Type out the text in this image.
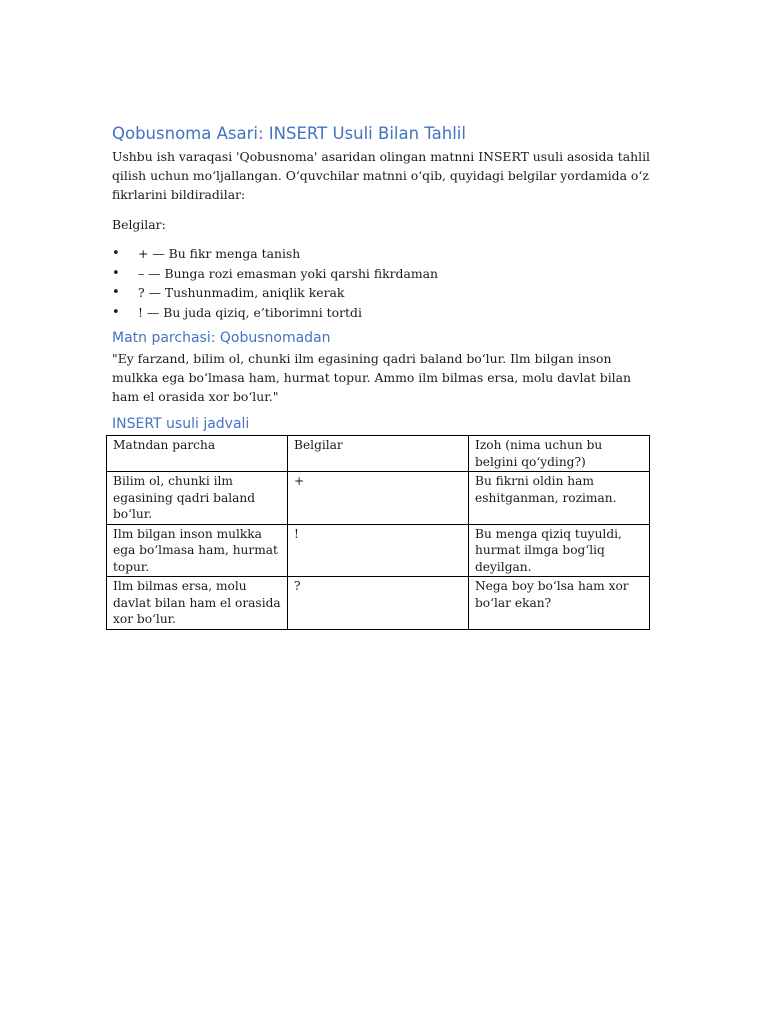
Qobusnoma Asari: INSERT Usuli Bilan Tahlil

Ushbu ish varaqasi 'Qobusnoma' asaridan olingan matnni INSERT usuli asosida tahlil qilish uchun mo‘ljallangan. O‘quvchilar matnni o‘qib, quyidagi belgilar yordamida o‘z fikrlarini bildiradilar:

Belgilar:

• + — Bu fikr menga tanish
• – — Bunga rozi emasman yoki qarshi fikrdaman
• ? — Tushunmadim, aniqlik kerak
• ! — Bu juda qiziq, e’tiborimni tortdi
Matn parchasi: Qobusnomadan

"Ey farzand, bilim ol, chunki ilm egasining qadri baland bo‘lur. Ilm bilgan inson mulkka ega bo‘lmasa ham, hurmat topur. Ammo ilm bilmas ersa, molu davlat bilan ham el orasida xor bo‘lur."

INSERT usuli jadvali
Matndan parcha	Belgilar	Izoh (nima uchun bu belgini qo‘yding?)
Bilim ol, chunki ilm egasining qadri baland bo‘lur.	+	Bu fikrni oldin ham eshitganman, roziman.
Ilm bilgan inson mulkka ega bo‘lmasa ham, hurmat topur.	!	Bu menga qiziq tuyuldi, hurmat ilmga bog‘liq deyilgan.
Ilm bilmas ersa, molu davlat bilan ham el orasida xor bo‘lur.	?	Nega boy bo‘lsa ham xor bo‘lar ekan?
